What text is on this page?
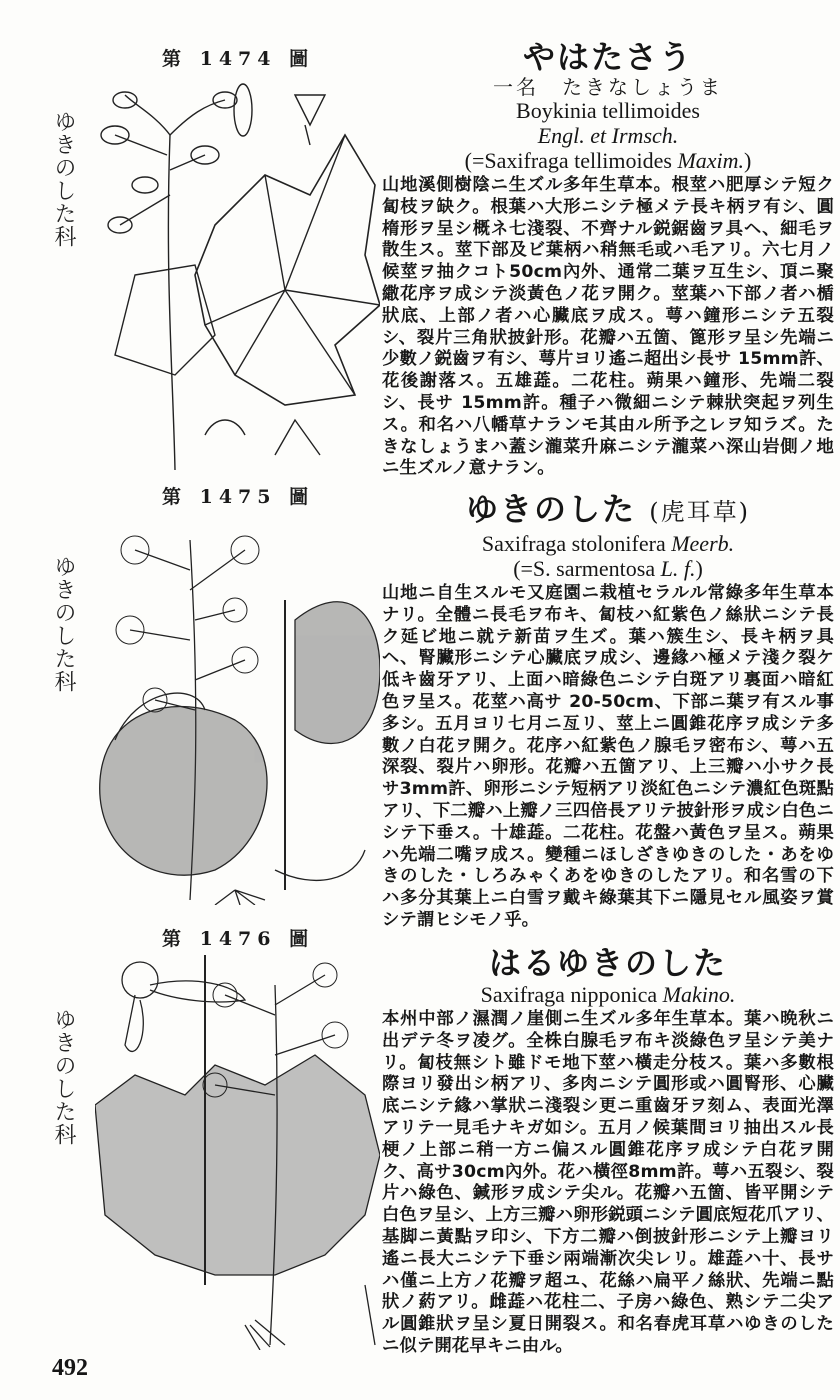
第 1474 圖
ゆきのした科
やはたさう
一名　たきなしょうま
Boykinia tellimoides
Engl. et Irmsch.
(=Saxifraga tellimoides Maxim.)
山地溪側樹陰ニ生ズル多年生草本。根莖ハ肥厚シテ短ク匐枝ヲ缺ク。根葉ハ大形ニシテ極メテ長キ柄ヲ有シ、圓楕形ヲ呈シ概ネ七淺裂、不齊ナル鋭鋸齒ヲ具ヘ、細毛ヲ散生ス。莖下部及ビ葉柄ハ稍無毛或ハ毛アリ。六七月ノ候莖ヲ抽クコト50cm內外、通常二葉ヲ互生シ、頂ニ聚繖花序ヲ成シテ淡黃色ノ花ヲ開ク。莖葉ハ下部ノ者ハ楯狀底、上部ノ者ハ心臟底ヲ成ス。萼ハ鐘形ニシテ五裂シ、裂片三角狀披針形。花瓣ハ五箇、篦形ヲ呈シ先端ニ少數ノ鋭齒ヲ有シ、萼片ヨリ遙ニ超出シ長サ 15mm許、花後謝落ス。五雄蕋。二花柱。蒴果ハ鐘形、先端二裂シ、長サ 15mm許。種子ハ微細ニシテ棘狀突起ヲ列生ス。和名ハ八幡草ナランモ其由ル所予之レヲ知ラズ。たきなしょうまハ蓋シ瀧菜升麻ニシテ瀧菜ハ深山岩側ノ地ニ生ズルノ意ナラン。
第 1475 圖
ゆきのした科
ゆきのした (虎耳草)
Saxifraga stolonifera Meerb.
(=S. sarmentosa L. f.)
山地ニ自生スルモ又庭園ニ栽植セラルル常綠多年生草本ナリ。全體ニ長毛ヲ布キ、匐枝ハ紅紫色ノ絲狀ニシテ長ク延ビ地ニ就テ新苗ヲ生ズ。葉ハ簇生シ、長キ柄ヲ具ヘ、腎臟形ニシテ心臟底ヲ成シ、邊緣ハ極メテ淺ク裂ケ低キ齒牙アリ、上面ハ暗綠色ニシテ白斑アリ裏面ハ暗紅色ヲ呈ス。花莖ハ高サ 20-50cm、下部ニ葉ヲ有スル事多シ。五月ヨリ七月ニ亙リ、莖上ニ圓錐花序ヲ成シテ多數ノ白花ヲ開ク。花序ハ紅紫色ノ腺毛ヲ密布シ、萼ハ五深裂、裂片ハ卵形。花瓣ハ五箇アリ、上三瓣ハ小サク長サ3mm許、卵形ニシテ短柄アリ淡紅色ニシテ濃紅色斑點アリ、下二瓣ハ上瓣ノ三四倍長アリテ披針形ヲ成シ白色ニシテ下垂ス。十雄蕋。二花柱。花盤ハ黃色ヲ呈ス。蒴果ハ先端二嘴ヲ成ス。變種ニほしざきゆきのした・あをゆきのした・しろみゃくあをゆきのしたアリ。和名雪の下ハ多分其葉上ニ白雪ヲ戴キ綠葉其下ニ隱見セル風姿ヲ賞シテ謂ヒシモノ乎。
第 1476 圖
ゆきのした科
はるゆきのした
Saxifraga nipponica Makino.
本州中部ノ濕潤ノ崖側ニ生ズル多年生草本。葉ハ晩秋ニ出デテ冬ヲ凌グ。全株白腺毛ヲ布キ淡綠色ヲ呈シテ美ナリ。匐枝無シト雖ドモ地下莖ハ橫走分枝ス。葉ハ多數根際ヨリ發出シ柄アリ、多肉ニシテ圓形或ハ圓腎形、心臟底ニシテ緣ハ掌狀ニ淺裂シ更ニ重齒牙ヲ刻ム、表面光澤アリテ一見毛ナキガ如シ。五月ノ候葉間ヨリ抽出スル長梗ノ上部ニ稍一方ニ偏スル圓錐花序ヲ成シテ白花ヲ開ク、高サ30cm內外。花ハ橫徑8mm許。萼ハ五裂シ、裂片ハ綠色、鍼形ヲ成シテ尖ル。花瓣ハ五箇、皆平開シテ白色ヲ呈シ、上方三瓣ハ卵形鋭頭ニシテ圓底短花爪アリ、基脚ニ黃點ヲ印シ、下方二瓣ハ倒披針形ニシテ上瓣ヨリ遙ニ長大ニシテ下垂シ兩端漸次尖レリ。雄蕋ハ十、長サハ僅ニ上方ノ花瓣ヲ超ユ、花絲ハ扁平ノ絲狀、先端ニ點狀ノ葯アリ。雌蕋ハ花柱二、子房ハ綠色、熟シテ二尖アル圓錐狀ヲ呈シ夏日開裂ス。和名春虎耳草ハゆきのしたニ似テ開花早キニ由ル。
492
